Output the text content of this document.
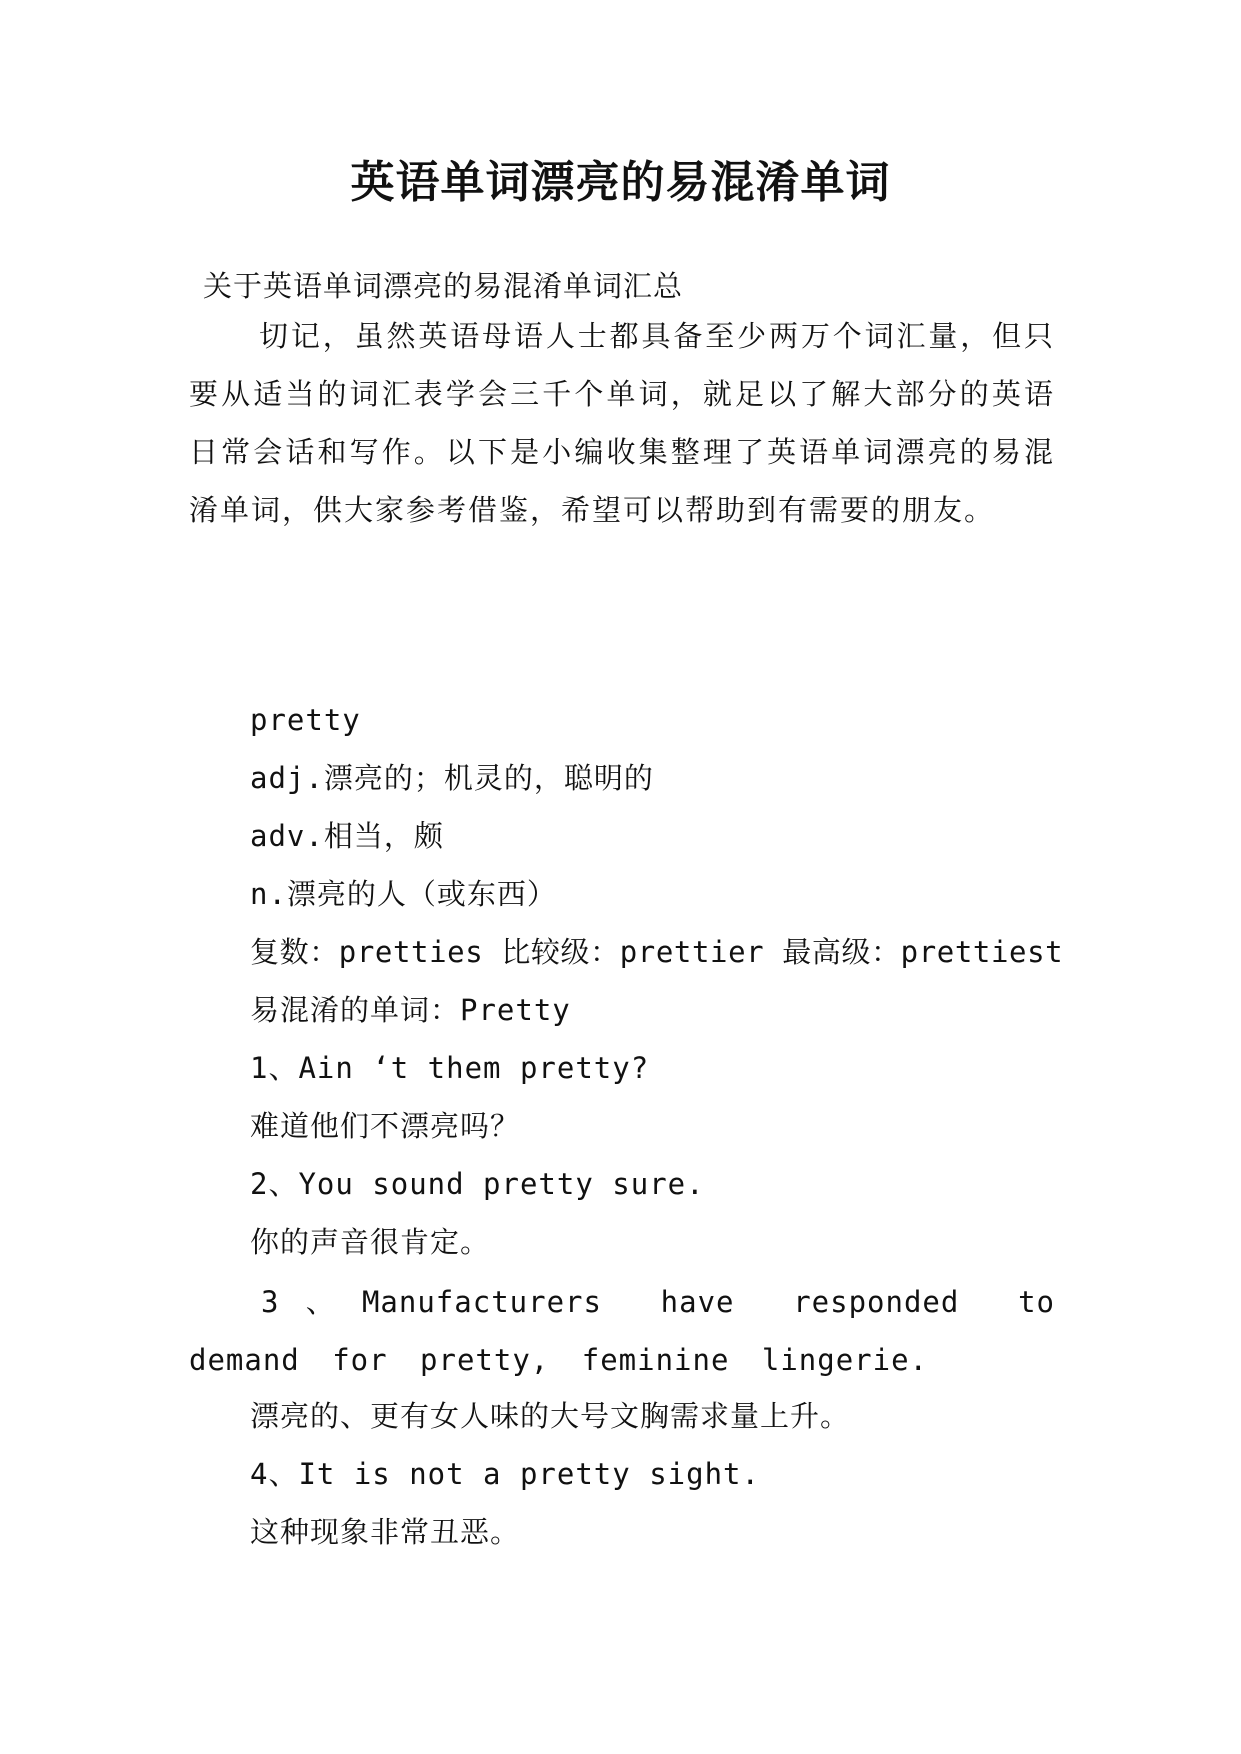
英语单词漂亮的易混淆单词

关于英语单词漂亮的易混淆单词汇总

切记，虽然英语母语人士都具备至少两万个词汇量，但只要从适当的词汇表学会三千个单词，就足以了解大部分的英语日常会话和写作。以下是小编收集整理了英语单词漂亮的易混淆单词，供大家参考借鉴，希望可以帮助到有需要的朋友。

pretty

adj.漂亮的；机灵的，聪明的

adv.相当，颇

n.漂亮的人（或东西）

复数：pretties 比较级：prettier 最高级：prettiest

易混淆的单词：Pretty

1、Ain ‘t them pretty?

难道他们不漂亮吗？

2、You sound pretty sure.

你的声音很肯定。

3、Manufacturers have responded to demand for pretty, feminine lingerie.

漂亮的、更有女人味的大号文胸需求量上升。

4、It is not a pretty sight.

这种现象非常丑恶。
